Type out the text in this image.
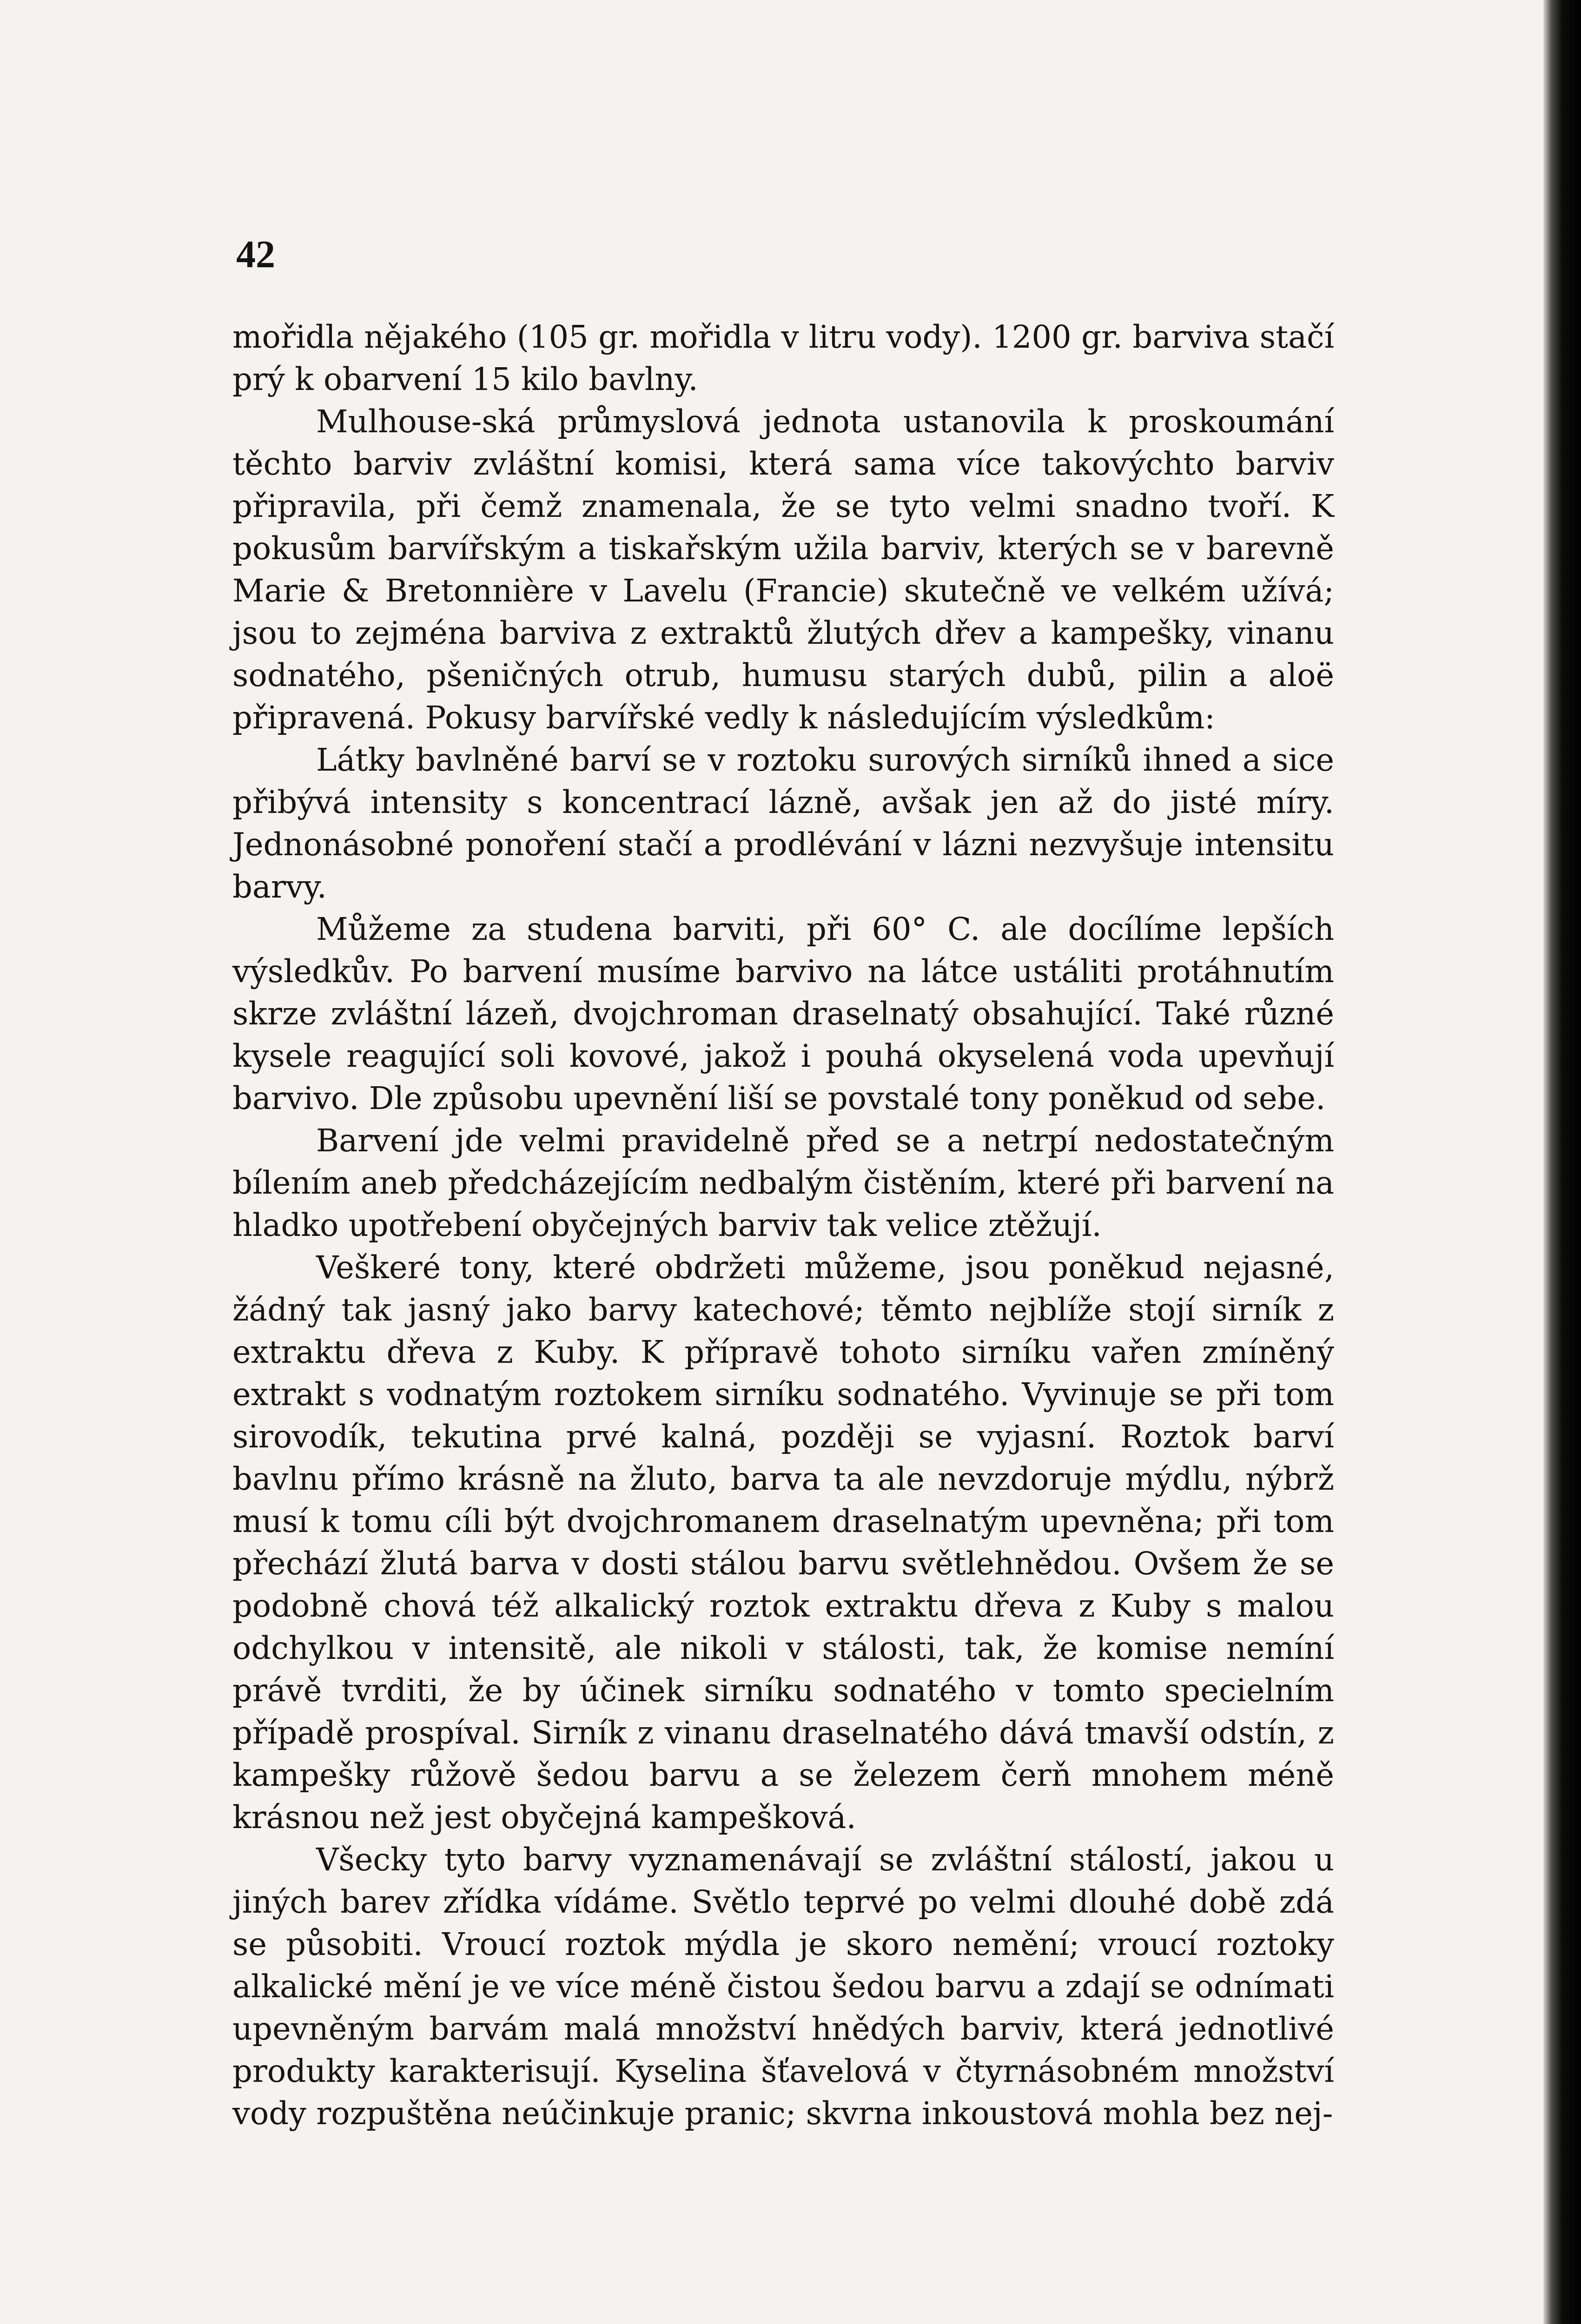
42

mořidla nějakého (105 gr. mořidla v litru vody). 1200 gr. barviva stačí prý k obarvení 15 kilo bavlny.

Mulhouse-ská průmyslová jednota ustanovila k proskoumání těchto barviv zvláštní komisi, která sama více takovýchto barviv připravila, při čemž znamenala, že se tyto velmi snadno tvoří. K pokusům barvířským a tiskařským užila barviv, kterých se v barevně Marie & Bretonnière v Lavelu (Francie) skutečně ve velkém užívá; jsou to zejména barviva z extraktů žlutých dřev a kampešky, vinanu sodnatého, pšeničných otrub, humusu starých dubů, pilin a aloë připravená. Pokusy barvířské vedly k následujícím výsledkům:

Látky bavlněné barví se v roztoku surových sirníků ihned a sice přibývá intensity s koncentrací lázně, avšak jen až do jisté míry. Jednonásobné ponoření stačí a prodlévání v lázni nezvyšuje intensitu barvy.

Můžeme za studena barviti, při 60° C. ale docílíme lepších výsledkův. Po barvení musíme barvivo na látce ustáliti protáhnutím skrze zvláštní lázeň, dvojchroman draselnatý obsahující. Také různé kysele reagující soli kovové, jakož i pouhá okyselená voda upevňují barvivo. Dle způsobu upevnění liší se povstalé tony poněkud od sebe.

Barvení jde velmi pravidelně před se a netrpí nedostatečným bílením aneb předcházejícím nedbalým čistěním, které při barvení na hladko upotřebení obyčejných barviv tak velice ztěžují.

Veškeré tony, které obdržeti můžeme, jsou poněkud nejasné, žádný tak jasný jako barvy katechové; těmto nejblíže stojí sirník z extraktu dřeva z Kuby. K přípravě tohoto sirníku vařen zmíněný extrakt s vodnatým roztokem sirníku sodnatého. Vyvinuje se při tom sirovodík, tekutina prvé kalná, později se vyjasní. Roztok barví bavlnu přímo krásně na žluto, barva ta ale nevzdoruje mýdlu, nýbrž musí k tomu cíli být dvojchromanem draselnatým upevněna; při tom přechází žlutá barva v dosti stálou barvu světlehnědou. Ovšem že se podobně chová též alkalický roztok extraktu dřeva z Kuby s malou odchylkou v intensitě, ale nikoli v stálosti, tak, že komise nemíní právě tvrditi, že by účinek sirníku sodnatého v tomto specielním případě prospíval. Sirník z vinanu draselnatého dává tmavší odstín, z kampešky růžově šedou barvu a se železem čerň mnohem méně krásnou než jest obyčejná kampešková.

Všecky tyto barvy vyznamenávají se zvláštní stálostí, jakou u jiných barev zřídka vídáme. Světlo teprvé po velmi dlouhé době zdá se působiti. Vroucí roztok mýdla je skoro nemění; vroucí roztoky alkalické mění je ve více méně čistou šedou barvu a zdají se odnímati upevněným barvám malá množství hnědých barviv, která jednotlivé produkty karakterisují. Kyselina šťavelová v čtyrnásobném množství vody rozpuštěna neúčinkuje pranic; skvrna inkoustová mohla bez nej-
